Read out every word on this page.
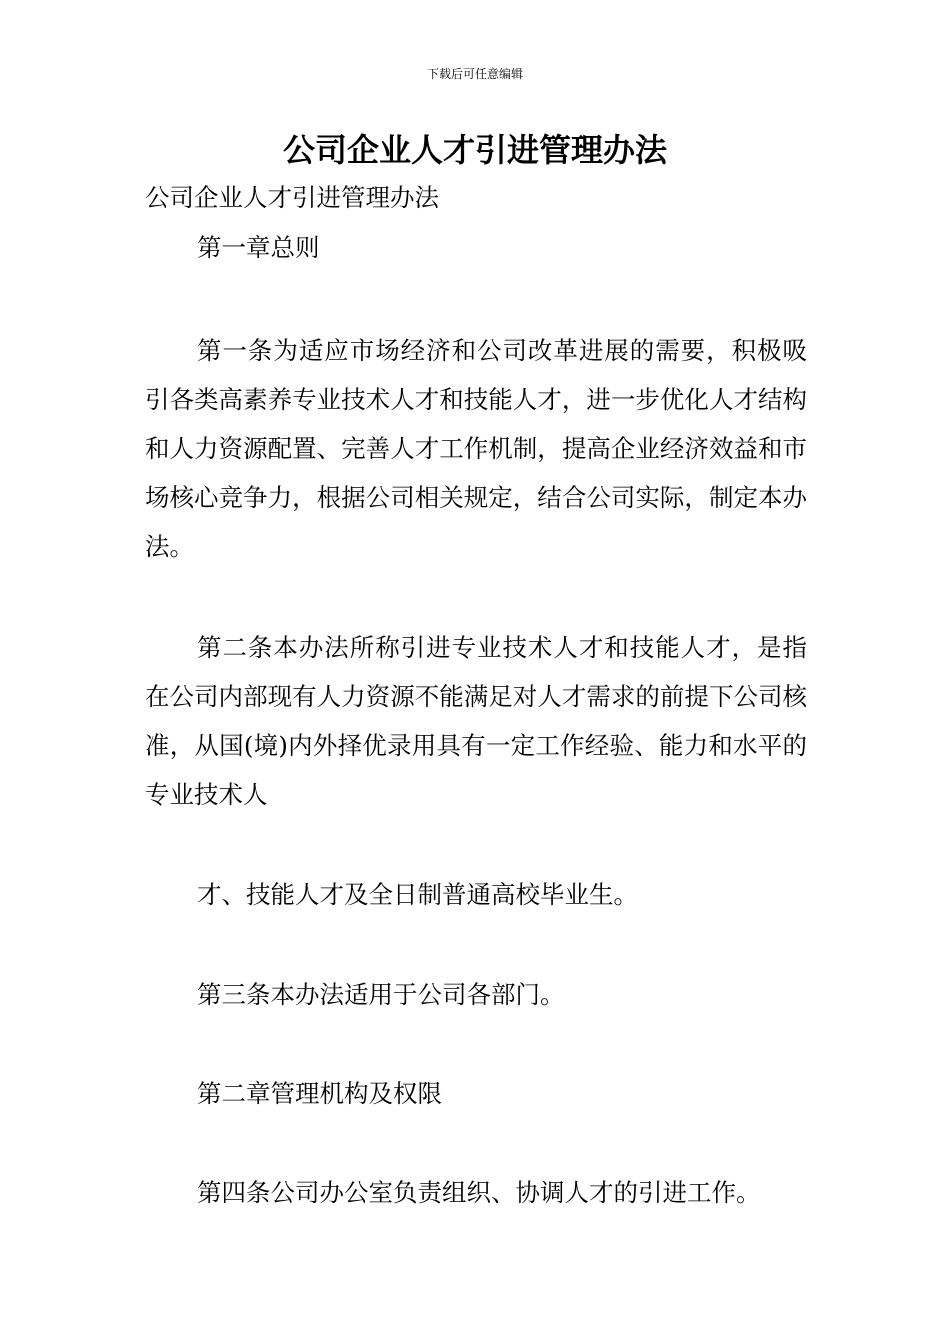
下载后可任意编辑
公司企业人才引进管理办法
公司企业人才引进管理办法
第一章总则

第一条为适应市场经济和公司改革进展的需要，积极吸引各类高素养专业技术人才和技能人才，进一步优化人才结构和人力资源配置、完善人才工作机制，提高企业经济效益和市场核心竞争力，根据公司相关规定，结合公司实际，制定本办法。

第二条本办法所称引进专业技术人才和技能人才，是指在公司内部现有人力资源不能满足对人才需求的前提下公司核准，从国(境)内外择优录用具有一定工作经验、能力和水平的专业技术人

才、技能人才及全日制普通高校毕业生。
第三条本办法适用于公司各部门。
第二章管理机构及权限
第四条公司办公室负责组织、协调人才的引进工作。
